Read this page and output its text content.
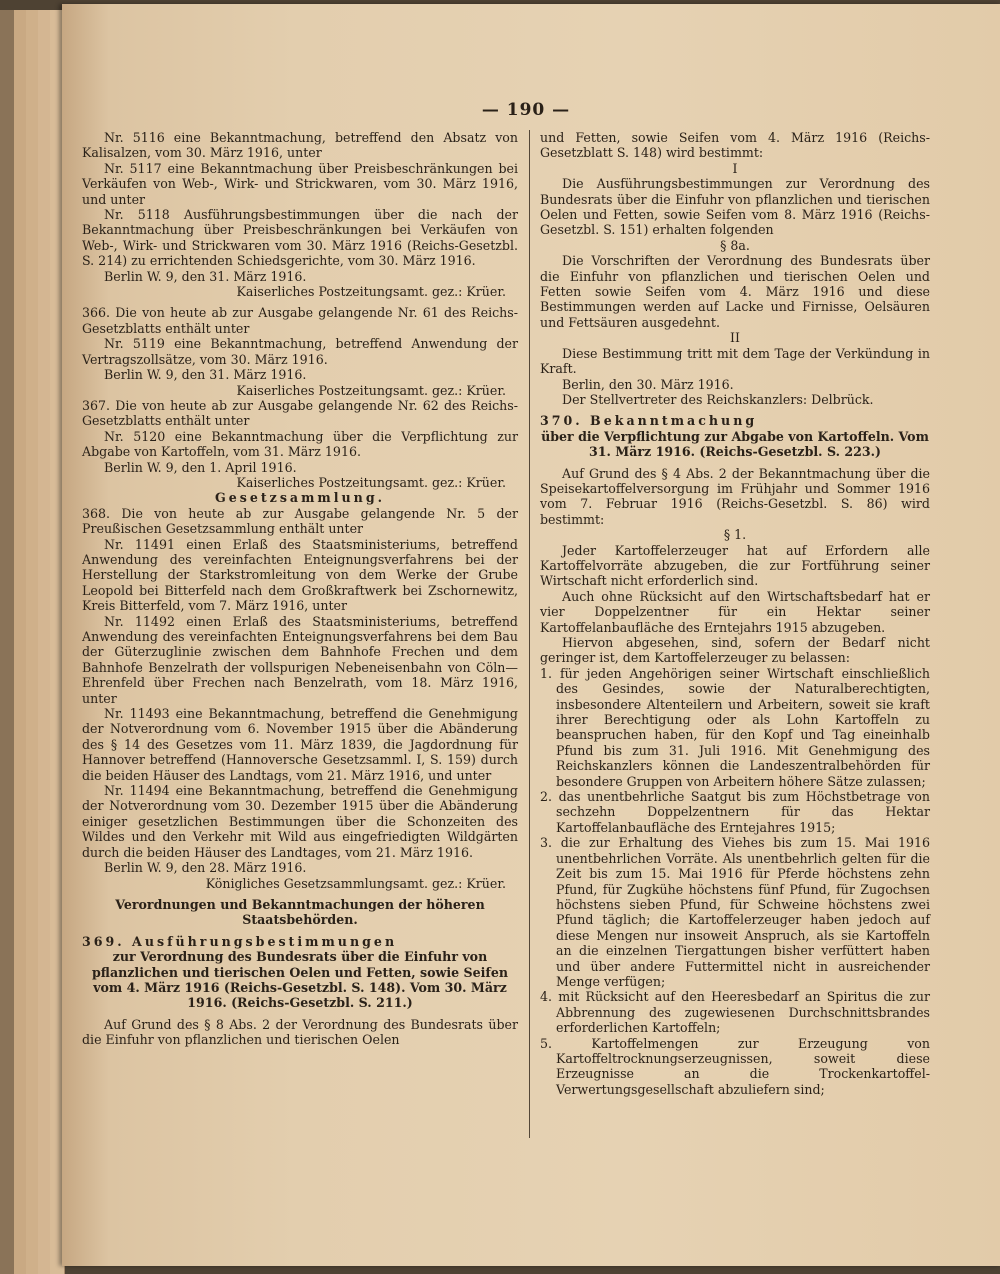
— 190 —

Nr. 5116 eine Bekanntmachung, betreffend den Absatz von Kalisalzen, vom 30. März 1916, unter

Nr. 5117 eine Bekanntmachung über Preisbeschränkungen bei Verkäufen von Web-, Wirk- und Strickwaren, vom 30. März 1916, und unter

Nr. 5118 Ausführungsbestimmungen über die nach der Bekanntmachung über Preisbeschränkungen bei Verkäufen von Web-, Wirk- und Strickwaren vom 30. März 1916 (Reichs-Gesetzbl. S. 214) zu errichtenden Schiedsgerichte, vom 30. März 1916.

Berlin W. 9, den 31. März 1916.

Kaiserliches Postzeitungsamt. gez.: Krüer.

366. Die von heute ab zur Ausgabe gelangende Nr. 61 des Reichs-Gesetzblatts enthält unter

Nr. 5119 eine Bekanntmachung, betreffend Anwendung der Vertragszollsätze, vom 30. März 1916.

Berlin W. 9, den 31. März 1916.

Kaiserliches Postzeitungsamt. gez.: Krüer.

367. Die von heute ab zur Ausgabe gelangende Nr. 62 des Reichs-Gesetzblatts enthält unter

Nr. 5120 eine Bekanntmachung über die Verpflichtung zur Abgabe von Kartoffeln, vom 31. März 1916.

Berlin W. 9, den 1. April 1916.

Kaiserliches Postzeitungsamt. gez.: Krüer.

Gesetzsammlung.

368. Die von heute ab zur Ausgabe gelangende Nr. 5 der Preußischen Gesetzsammlung enthält unter

Nr. 11491 einen Erlaß des Staatsministeriums, betreffend Anwendung des vereinfachten Enteignungsverfahrens bei der Herstellung der Starkstromleitung von dem Werke der Grube Leopold bei Bitterfeld nach dem Großkraftwerk bei Zschornewitz, Kreis Bitterfeld, vom 7. März 1916, unter

Nr. 11492 einen Erlaß des Staatsministeriums, betreffend Anwendung des vereinfachten Enteignungsverfahrens bei dem Bau der Güterzuglinie zwischen dem Bahnhofe Frechen und dem Bahnhofe Benzelrath der vollspurigen Nebeneisenbahn von Cöln—Ehrenfeld über Frechen nach Benzelrath, vom 18. März 1916, unter

Nr. 11493 eine Bekanntmachung, betreffend die Genehmigung der Notverordnung vom 6. November 1915 über die Abänderung des § 14 des Gesetzes vom 11. März 1839, die Jagdordnung für Hannover betreffend (Hannoversche Gesetzsamml. I, S. 159) durch die beiden Häuser des Landtags, vom 21. März 1916, und unter

Nr. 11494 eine Bekanntmachung, betreffend die Genehmigung der Notverordnung vom 30. Dezember 1915 über die Abänderung einiger gesetzlichen Bestimmungen über die Schonzeiten des Wildes und den Verkehr mit Wild aus eingefriedigten Wildgärten durch die beiden Häuser des Landtages, vom 21. März 1916.

Berlin W. 9, den 28. März 1916.

Königliches Gesetzsammlungsamt. gez.: Krüer.

Verordnungen und Bekanntmachungen der höheren Staatsbehörden.

369. Ausführungsbestimmungen

zur Verordnung des Bundesrats über die Einfuhr von pflanzlichen und tierischen Oelen und Fetten, sowie Seifen vom 4. März 1916 (Reichs-Gesetzbl. S. 148). Vom 30. März 1916. (Reichs-Gesetzbl. S. 211.)

Auf Grund des § 8 Abs. 2 der Verordnung des Bundesrats über die Einfuhr von pflanzlichen und tierischen Oelen

und Fetten, sowie Seifen vom 4. März 1916 (Reichs-Gesetzblatt S. 148) wird bestimmt:

I

Die Ausführungsbestimmungen zur Verordnung des Bundesrats über die Einfuhr von pflanzlichen und tierischen Oelen und Fetten, sowie Seifen vom 8. März 1916 (Reichs-Gesetzbl. S. 151) erhalten folgenden

§ 8a.

Die Vorschriften der Verordnung des Bundesrats über die Einfuhr von pflanzlichen und tierischen Oelen und Fetten sowie Seifen vom 4. März 1916 und diese Bestimmungen werden auf Lacke und Firnisse, Oelsäuren und Fettsäuren ausgedehnt.

II

Diese Bestimmung tritt mit dem Tage der Verkündung in Kraft.

Berlin, den 30. März 1916.

Der Stellvertreter des Reichskanzlers: Delbrück.

370. Bekanntmachung

über die Verpflichtung zur Abgabe von Kartoffeln. Vom 31. März 1916. (Reichs-Gesetzbl. S. 223.)

Auf Grund des § 4 Abs. 2 der Bekanntmachung über die Speisekartoffelversorgung im Frühjahr und Sommer 1916 vom 7. Februar 1916 (Reichs-Gesetzbl. S. 86) wird bestimmt:

§ 1.

Jeder Kartoffelerzeuger hat auf Erfordern alle Kartoffelvorräte abzugeben, die zur Fortführung seiner Wirtschaft nicht erforderlich sind.

Auch ohne Rücksicht auf den Wirtschaftsbedarf hat er vier Doppelzentner für ein Hektar seiner Kartoffelanbaufläche des Erntejahrs 1915 abzugeben.

Hiervon abgesehen, sind, sofern der Bedarf nicht geringer ist, dem Kartoffelerzeuger zu belassen:

1. für jeden Angehörigen seiner Wirtschaft einschließlich des Gesindes, sowie der Naturalberechtigten, insbesondere Altenteilern und Arbeitern, soweit sie kraft ihrer Berechtigung oder als Lohn Kartoffeln zu beanspruchen haben, für den Kopf und Tag eineinhalb Pfund bis zum 31. Juli 1916. Mit Genehmigung des Reichskanzlers können die Landeszentralbehörden für besondere Gruppen von Arbeitern höhere Sätze zulassen;
2. das unentbehrliche Saatgut bis zum Höchstbetrage von sechzehn Doppelzentnern für das Hektar Kartoffelanbaufläche des Erntejahres 1915;
3. die zur Erhaltung des Viehes bis zum 15. Mai 1916 unentbehrlichen Vorräte. Als unentbehrlich gelten für die Zeit bis zum 15. Mai 1916 für Pferde höchstens zehn Pfund, für Zugkühe höchstens fünf Pfund, für Zugochsen höchstens sieben Pfund, für Schweine höchstens zwei Pfund täglich; die Kartoffelerzeuger haben jedoch auf diese Mengen nur insoweit Anspruch, als sie Kartoffeln an die einzelnen Tiergattungen bisher verfüttert haben und über andere Futtermittel nicht in ausreichender Menge verfügen;
4. mit Rücksicht auf den Heeresbedarf an Spiritus die zur Abbrennung des zugewiesenen Durchschnittsbrandes erforderlichen Kartoffeln;
5. Kartoffelmengen zur Erzeugung von Kartoffeltrocknungserzeugnissen, soweit diese Erzeugnisse an die Trockenkartoffel-Verwertungsgesellschaft abzuliefern sind;
